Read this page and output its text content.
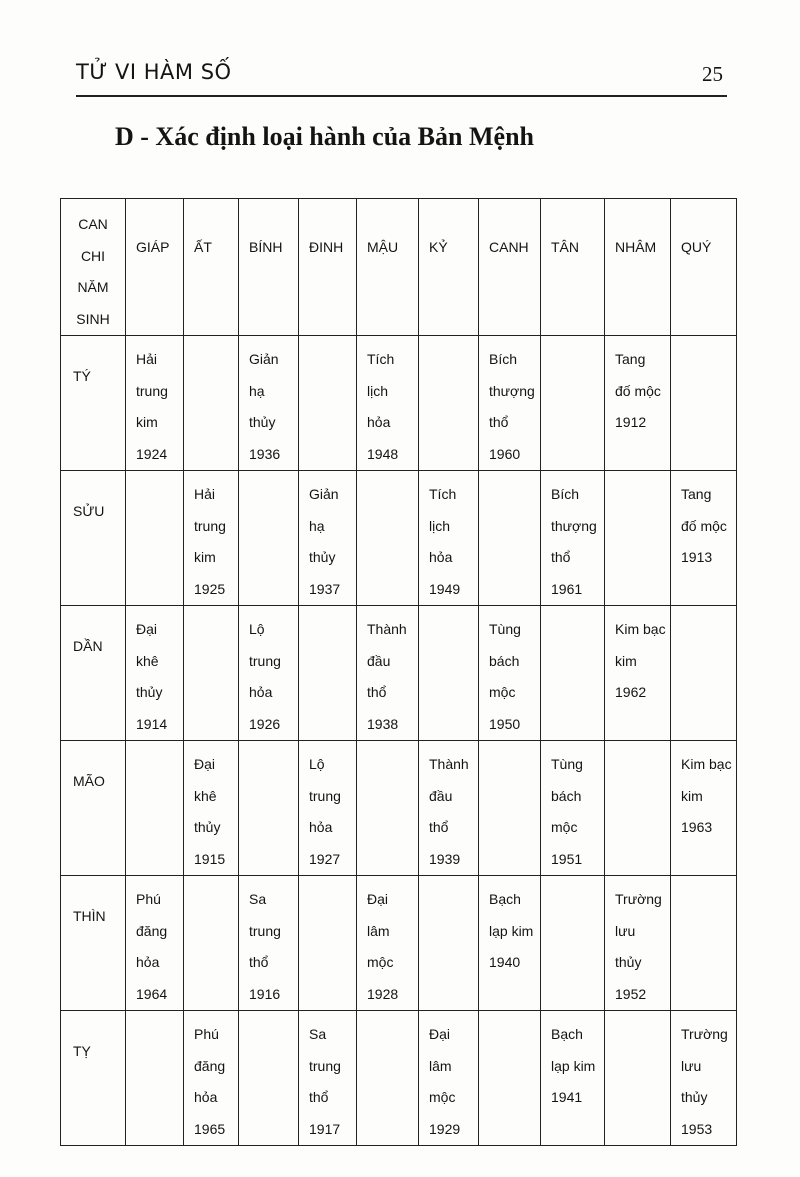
TỬ VI HÀM SỐ	25
D - Xác định loại hành của Bản Mệnh
CAN
CHI
NĂM
SINH	GIÁP	ẤT	BÍNH	ĐINH	MẬU	KỶ	CANH	TÂN	NHÂM	QUÝ

TÝ	Hải
trung
kim
1924		Giản
hạ
thủy
1936		Tích
lịch
hỏa
1948		Bích
thượng
thổ
1960		Tang
đố mộc
1912	

SỬU		Hải
trung
kim
1925		Giản
hạ
thủy
1937		Tích
lịch
hỏa
1949		Bích
thượng
thổ
1961		Tang
đố mộc
1913

DẦN	Đại
khê
thủy
1914		Lộ
trung
hỏa
1926		Thành
đầu
thổ
1938		Tùng
bách
mộc
1950		Kim bạc
kim
1962	

MÃO		Đại
khê
thủy
1915		Lộ
trung
hỏa
1927		Thành
đầu
thổ
1939		Tùng
bách
mộc
1951		Kim bạc
kim
1963

THÌN	Phú
đăng
hỏa
1964		Sa
trung
thổ
1916		Đại
lâm
mộc
1928		Bạch
lạp kim
1940		Trường
lưu
thủy
1952	

TỴ		Phú
đăng
hỏa
1965		Sa
trung
thổ
1917		Đại
lâm
mộc
1929		Bạch
lạp kim
1941		Trường
lưu
thủy
1953
